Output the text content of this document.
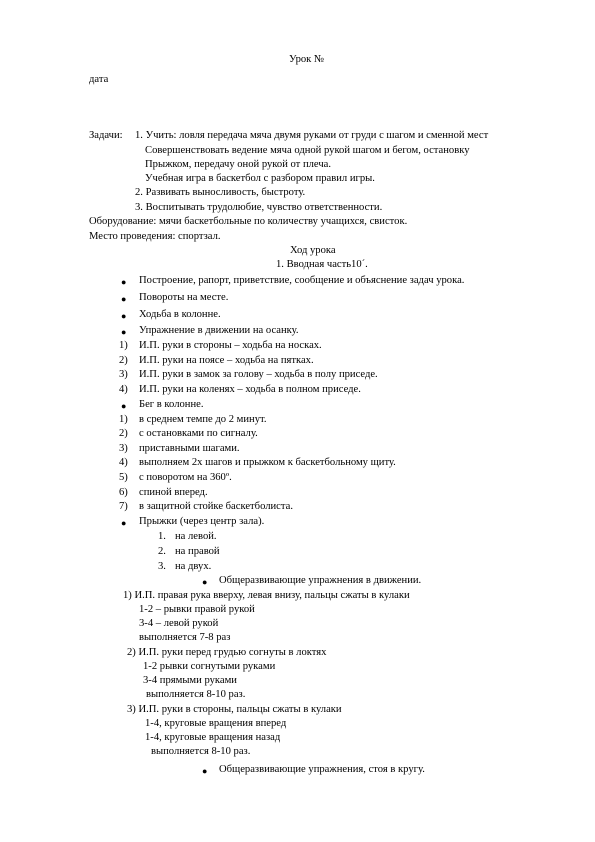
Урок №
дата
Задачи: 1. Учить: ловля передача мяча двумя руками от груди с шагом и сменной мест
Совершенствовать ведение мяча одной рукой шагом и бегом, остановку
Прыжком, передачу оной рукой от плеча.
Учебная игра в баскетбол с разбором правил игры.
2. Развивать выносливость, быстроту.
3. Воспитывать трудолюбие, чувство ответственности.
Оборудование: мячи баскетбольные по количеству учащихся, свисток.
Место проведения: спортзал.
Ход урока
1. Вводная часть10´.
● Построение, рапорт, приветствие, сообщение и объяснение задач урока.
● Повороты на месте.
● Ходьба в колонне.
● Упражнение в движении на осанку.
1) И.П. руки в стороны – ходьба на носках.
2) И.П. руки на поясе – ходьба на пятках.
3) И.П. руки в замок за голову – ходьба в полу приседе.
4) И.П. руки на коленях – ходьба в полном приседе.
● Бег в колонне.
1) в среднем темпе до 2 минут.
2) с остановками по сигналу.
3) приставными шагами.
4) выполняем 2х шагов и прыжком к баскетбольному щиту.
5) с поворотом на 360º.
6) спиной вперед.
7) в защитной стойке баскетболиста.
● Прыжки (через центр зала).
1. на левой.
2. на правой
3. на двух.
● Общеразвивающие упражнения в движении.
1) И.П. правая рука вверху, левая внизу, пальцы сжаты в кулаки
1-2 – рывки правой рукой
3-4 – левой рукой
выполняется 7-8 раз
2) И.П. руки перед грудью согнуты в локтях
1-2 рывки согнутыми руками
3-4 прямыми руками
выполняется 8-10 раз.
3) И.П. руки в стороны, пальцы сжаты в кулаки
1-4, круговые вращения вперед
1-4, круговые вращения назад
выполняется 8-10 раз.
● Общеразвивающие упражнения, стоя в кругу.
